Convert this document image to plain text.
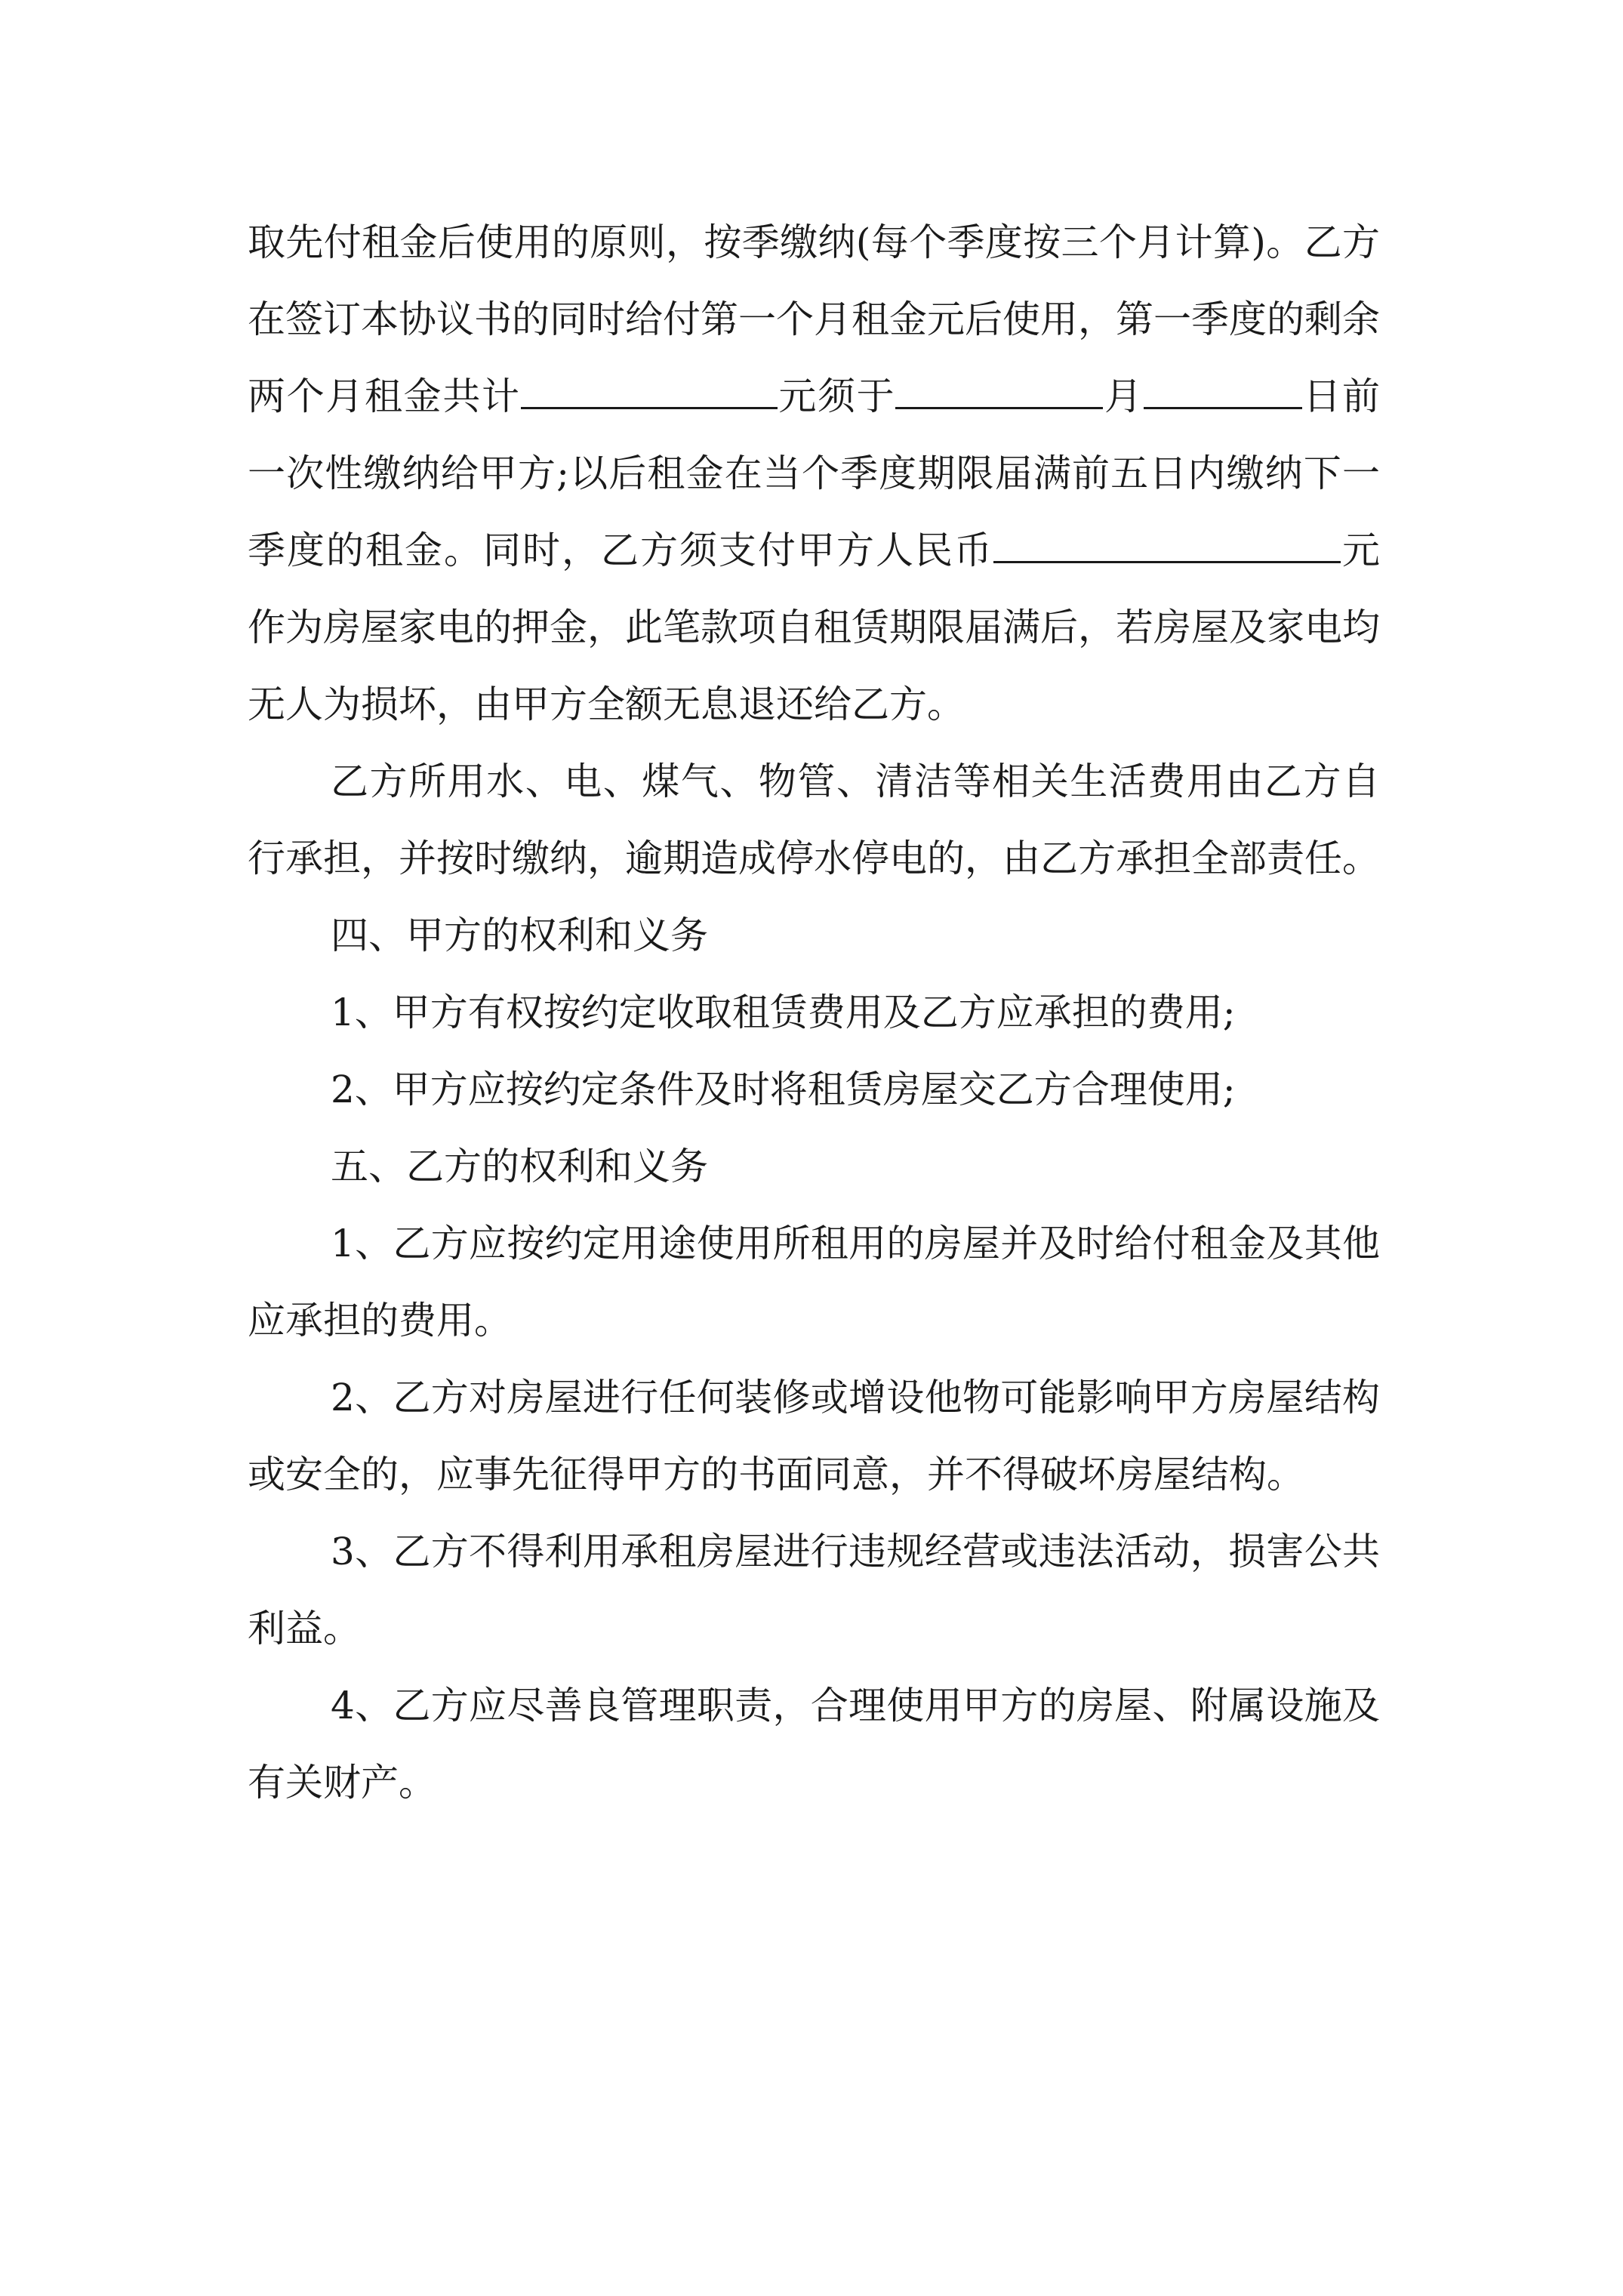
取先付租金后使用的原则，按季缴纳(每个季度按三个月计算)。乙方在签订本协议书的同时给付第一个月租金元后使用，第一季度的剩余两个月租金共计	元须于	月	日前一次性缴纳给甲方;以后租金在当个季度期限届满前五日内缴纳下一季度的租金。同时，乙方须支付甲方人民币	元作为房屋家电的押金，此笔款项自租赁期限届满后，若房屋及家电均无人为损坏，由甲方全额无息退还给乙方。

乙方所用水、电、煤气、物管、清洁等相关生活费用由乙方自行承担，并按时缴纳，逾期造成停水停电的，由乙方承担全部责任。

四、甲方的权利和义务

1、甲方有权按约定收取租赁费用及乙方应承担的费用;

2、甲方应按约定条件及时将租赁房屋交乙方合理使用;

五、乙方的权利和义务

1、乙方应按约定用途使用所租用的房屋并及时给付租金及其他应承担的费用。

2、乙方对房屋进行任何装修或增设他物可能影响甲方房屋结构或安全的，应事先征得甲方的书面同意，并不得破坏房屋结构。

3、乙方不得利用承租房屋进行违规经营或违法活动，损害公共利益。

4、乙方应尽善良管理职责，合理使用甲方的房屋、附属设施及有关财产。
